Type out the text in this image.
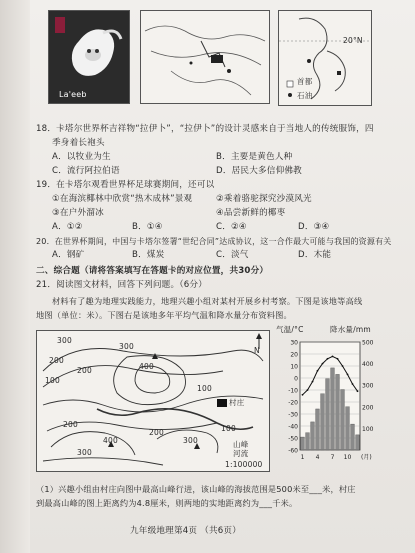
La'eeb
20°N
首都
石油
18．卡塔尔世界杯吉祥物“拉伊卜”，“拉伊卜”的设计灵感来自于当地人的传统服饰，四
季身着长袍头
A．以牧业为生	B．主要是黄色人种
C．流行阿拉伯语	D．居民大多信仰佛教
19．在卡塔尔观看世界杯足球赛期间，还可以
①在海滨椰林中欣赏“热木成林”景观	②乘着骆驼探究沙漠风光
③在户外溜冰	④品尝新鲜的椰枣
A．①②	B．①④	C．②④	D．③④
20．在世界杯期间，中国与卡塔尔签署“世纪合同”达成协议，这一合作最大可能与我国的资源有关
A．钢矿	B．煤炭	C．淡气	D．木能
二、综合题（请将答案填写在答题卡的对应位置，共30分）
21．阅读图文材料，回答下列问题。（6分）
材料有了趣为地理实践能力，地理兴趣小组对某村开展乡村考察。下图是该地等高线
地图（单位：米）。下图右是该地多年平均气温和降水量分布资料图。
300
200
100
300
400
200
100
400
300
200	100
300
200
村庄
N
山峰
河流
1:100000
气温/°C	降水量/mm
30
20
10
0
-10
-20
-30
-40
-50
-60
500
400
300
200
100
1 4 7 10 (月)
（1）兴趣小组由村庄向图中最高山峰行进，该山峰的海拔范围是500米至___米，村庄
到最高山峰的图上距离约为4.8厘米，则两地的实地距离约为___千米。
九年级地理第4页 （共6页）
